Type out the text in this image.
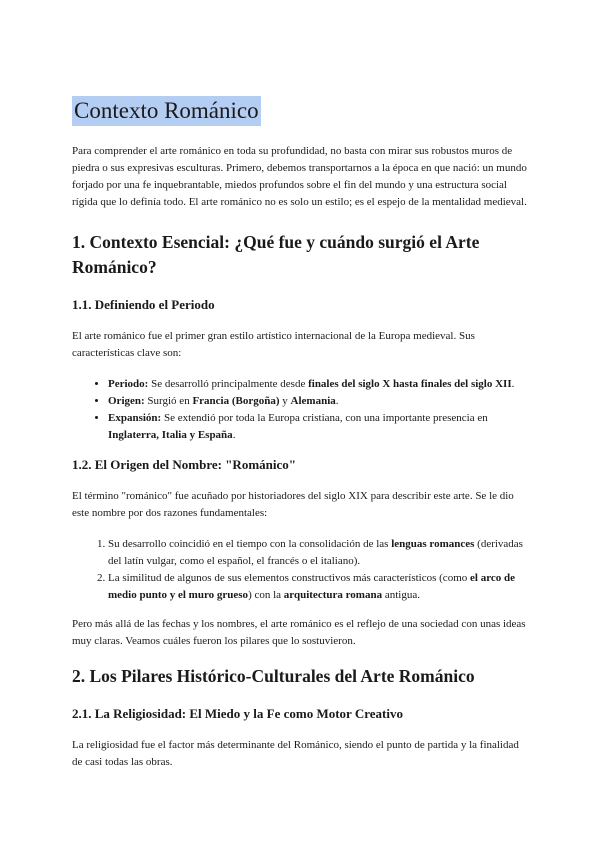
Contexto Románico

Para comprender el arte románico en toda su profundidad, no basta con mirar sus robustos muros de piedra o sus expresivas esculturas. Primero, debemos transportarnos a la época en que nació: un mundo forjado por una fe inquebrantable, miedos profundos sobre el fin del mundo y una estructura social rígida que lo definía todo. El arte románico no es solo un estilo; es el espejo de la mentalidad medieval.

1. Contexto Esencial: ¿Qué fue y cuándo surgió el Arte Románico?
1.1. Definiendo el Periodo

El arte románico fue el primer gran estilo artístico internacional de la Europa medieval. Sus características clave son:

• Periodo: Se desarrolló principalmente desde finales del siglo X hasta finales del siglo XII.
• Origen: Surgió en Francia (Borgoña) y Alemania.
• Expansión: Se extendió por toda la Europa cristiana, con una importante presencia en Inglaterra, Italia y España.
1.2. El Origen del Nombre: "Románico"

El término "románico" fue acuñado por historiadores del siglo XIX para describir este arte. Se le dio este nombre por dos razones fundamentales:

1. Su desarrollo coincidió en el tiempo con la consolidación de las lenguas romances (derivadas del latín vulgar, como el español, el francés o el italiano).
2. La similitud de algunos de sus elementos constructivos más característicos (como el arco de medio punto y el muro grueso) con la arquitectura romana antigua.

Pero más allá de las fechas y los nombres, el arte románico es el reflejo de una sociedad con unas ideas muy claras. Veamos cuáles fueron los pilares que lo sostuvieron.

2. Los Pilares Histórico-Culturales del Arte Románico
2.1. La Religiosidad: El Miedo y la Fe como Motor Creativo

La religiosidad fue el factor más determinante del Románico, siendo el punto de partida y la finalidad de casi todas las obras.
